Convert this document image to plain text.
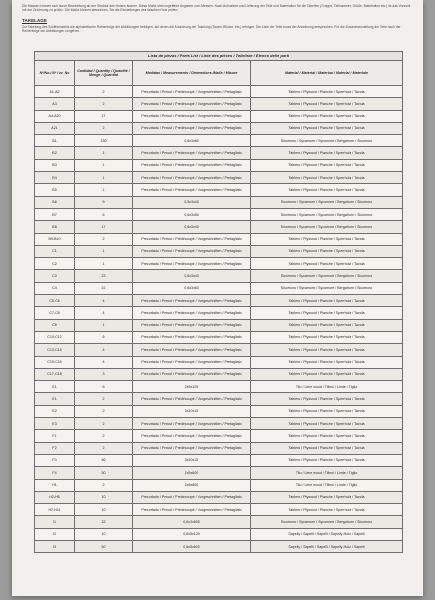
Die Massen können sich durch Bearbeitung ab der Struktur des Holzes ändern. Diese Maße sind ungefähre Angaben zum Messen. Nach Aufnahme und Lieferung der Teile und Materialien für die Tabellen (Gruppe, Teilnummer, Größe, Materialien etc.) ist das Vorsicht mit der Zeichnung zu prüfen. Die Maße können abweichen. Sie die Einstellungen des falschen Holz prüfen.
TAKELAGE
Zur Takelung des Schiffsmodells die alphabetische Reihenfolge der Abbildungen befolgen, auf deren die Anordnung der Takelung (Tauen, Blöcke, etc.) erfolgen. Die Liste der Teile muss der Anordnung entsprechen. Für die Zusammenstellung der Teile nach der Reihenfolge der Abbildungen vorgehen.
Lista de piezas / Parts List / Liste des pièces / Teileliste / Elenco delle parti			
Nº/No./ Nº / nr. No	Cantidad / Quantity / Quantité / Menge / Quantità	Medidas / Measurements / Dimensions /Maße / Misure	Material / Material / Matériau / Material / Materiale
A1-A2	2	Precortado / Precut / Prédécoupé / Vorgeschnitten / Pretagliato	Tablero / Plywood / Planche / Sperrholz / Tavola
A3	2	Precortado / Precut / Prédécoupé / Vorgeschnitten / Pretagliato	Tablero / Plywood / Planche / Sperrholz / Tavola
A4-A20	17	Precortado / Precut / Prédécoupé / Vorgeschnitten / Pretagliato	Tablero / Plywood / Planche / Sperrholz / Tavola
A21	2	Precortado / Precut / Prédécoupé / Vorgeschnitten / Pretagliato	Tablero / Plywood / Planche / Sperrholz / Tavola
B1	230	0,6x3x60	Sicomoro / Sycamore / Sycomore / Bergahorn / Sicomoro
B2	1	Precortado / Precut / Prédécoupé / Vorgeschnitten / Pretagliato	Tablero / Plywood / Planche / Sperrholz / Tavola
B3	1	Precortado / Precut / Prédécoupé / Vorgeschnitten / Pretagliato	Tablero / Plywood / Planche / Sperrholz / Tavola
B4	1	Precortado / Precut / Prédécoupé / Vorgeschnitten / Pretagliato	Tablero / Plywood / Planche / Sperrholz / Tavola
B5	1	Precortado / Precut / Prédécoupé / Vorgeschnitten / Pretagliato	Tablero / Plywood / Planche / Sperrholz / Tavola
B6	9	0,5x3x40	Sicomoro / Sycamore / Sycomore / Bergahorn / Sicomoro
B7	6	0,6x3x50	Sicomoro / Sycamore / Sycomore / Bergahorn / Sicomoro
B8	17	0,6x3x40	Sicomoro / Sycamore / Sycomore / Bergahorn / Sicomoro
B9-B10	2	Precortado / Precut / Prédécoupé / Vorgeschnitten / Pretagliato	Tablero / Plywood / Planche / Sperrholz / Tavola
C1	1	Precortado / Precut / Prédécoupé / Vorgeschnitten / Pretagliato	Tablero / Plywood / Planche / Sperrholz / Tavola
C2	1	Precortado / Precut / Prédécoupé / Vorgeschnitten / Pretagliato	Tablero / Plywood / Planche / Sperrholz / Tavola
C3	23	0,6x3x40	Sicomoro / Sycamore / Sycomore / Bergahorn / Sicomoro
C4	22	0,6x3x60	Sicomoro / Sycamore / Sycomore / Bergahorn / Sicomoro
C5-C6	4	Precortado / Precut / Prédécoupé / Vorgeschnitten / Pretagliato	Tablero / Plywood / Planche / Sperrholz / Tavola
C7-C8	4	Precortado / Precut / Prédécoupé / Vorgeschnitten / Pretagliato	Tablero / Plywood / Planche / Sperrholz / Tavola
C9	1	Precortado / Precut / Prédécoupé / Vorgeschnitten / Pretagliato	Tablero / Plywood / Planche / Sperrholz / Tavola
C10-C12	6	Precortado / Precut / Prédécoupé / Vorgeschnitten / Pretagliato	Tablero / Plywood / Planche / Sperrholz / Tavola
C13-C14	4	Precortado / Precut / Prédécoupé / Vorgeschnitten / Pretagliato	Tablero / Plywood / Planche / Sperrholz / Tavola
C15-C16	4	Precortado / Precut / Prédécoupé / Vorgeschnitten / Pretagliato	Tablero / Plywood / Planche / Sperrholz / Tavola
C17-C18	3	Precortado / Precut / Prédécoupé / Vorgeschnitten / Pretagliato	Tablero / Plywood / Planche / Sperrholz / Tavola
E1	6	2x5x125	Tilo / Lime wood / Tilleul / Linde / Tiglio
E1	2	Precortado / Precut / Prédécoupé / Vorgeschnitten / Pretagliato	Tablero / Plywood / Planche / Sperrholz / Tavola
E2	2	3x10x15	Tablero / Plywood / Planche / Sperrholz / Tavola
E3	2	Precortado / Precut / Prédécoupé / Vorgeschnitten / Pretagliato	Tablero / Plywood / Planche / Sperrholz / Tavola
F1	2	Precortado / Precut / Prédécoupé / Vorgeschnitten / Pretagliato	Tablero / Plywood / Planche / Sperrholz / Tavola
F2	2	Precortado / Precut / Prédécoupé / Vorgeschnitten / Pretagliato	Tablero / Plywood / Planche / Sperrholz / Tavola
F3	50	3x10x15	Tablero / Plywood / Planche / Sperrholz / Tavola
F4	50	2x5x600	Tilo / Lime wood / Tilleul / Linde / Tiglio
H1	2	2x5x600	Tilo / Lime wood / Tilleul / Linde / Tiglio
H2-H6	10	Precortado / Precut / Prédécoupé / Vorgeschnitten / Pretagliato	Tablero / Plywood / Planche / Sperrholz / Tavola
H7-H11	10	Precortado / Precut / Prédécoupé / Vorgeschnitten / Pretagliato	Tablero / Plywood / Planche / Sperrholz / Tavola
I1	22	0,6x3x600	Sicomoro / Sycamore / Sycomore / Bergahorn / Sicomoro
I2	10	0,6x5x100	Sapelly / Sapelli / Sapelli / Sapelly-Holz / Sapelli
I3	50	0,6x5x600	Sapelly / Sapelli / Sapelli / Sapelly-Holz / Sapelli
